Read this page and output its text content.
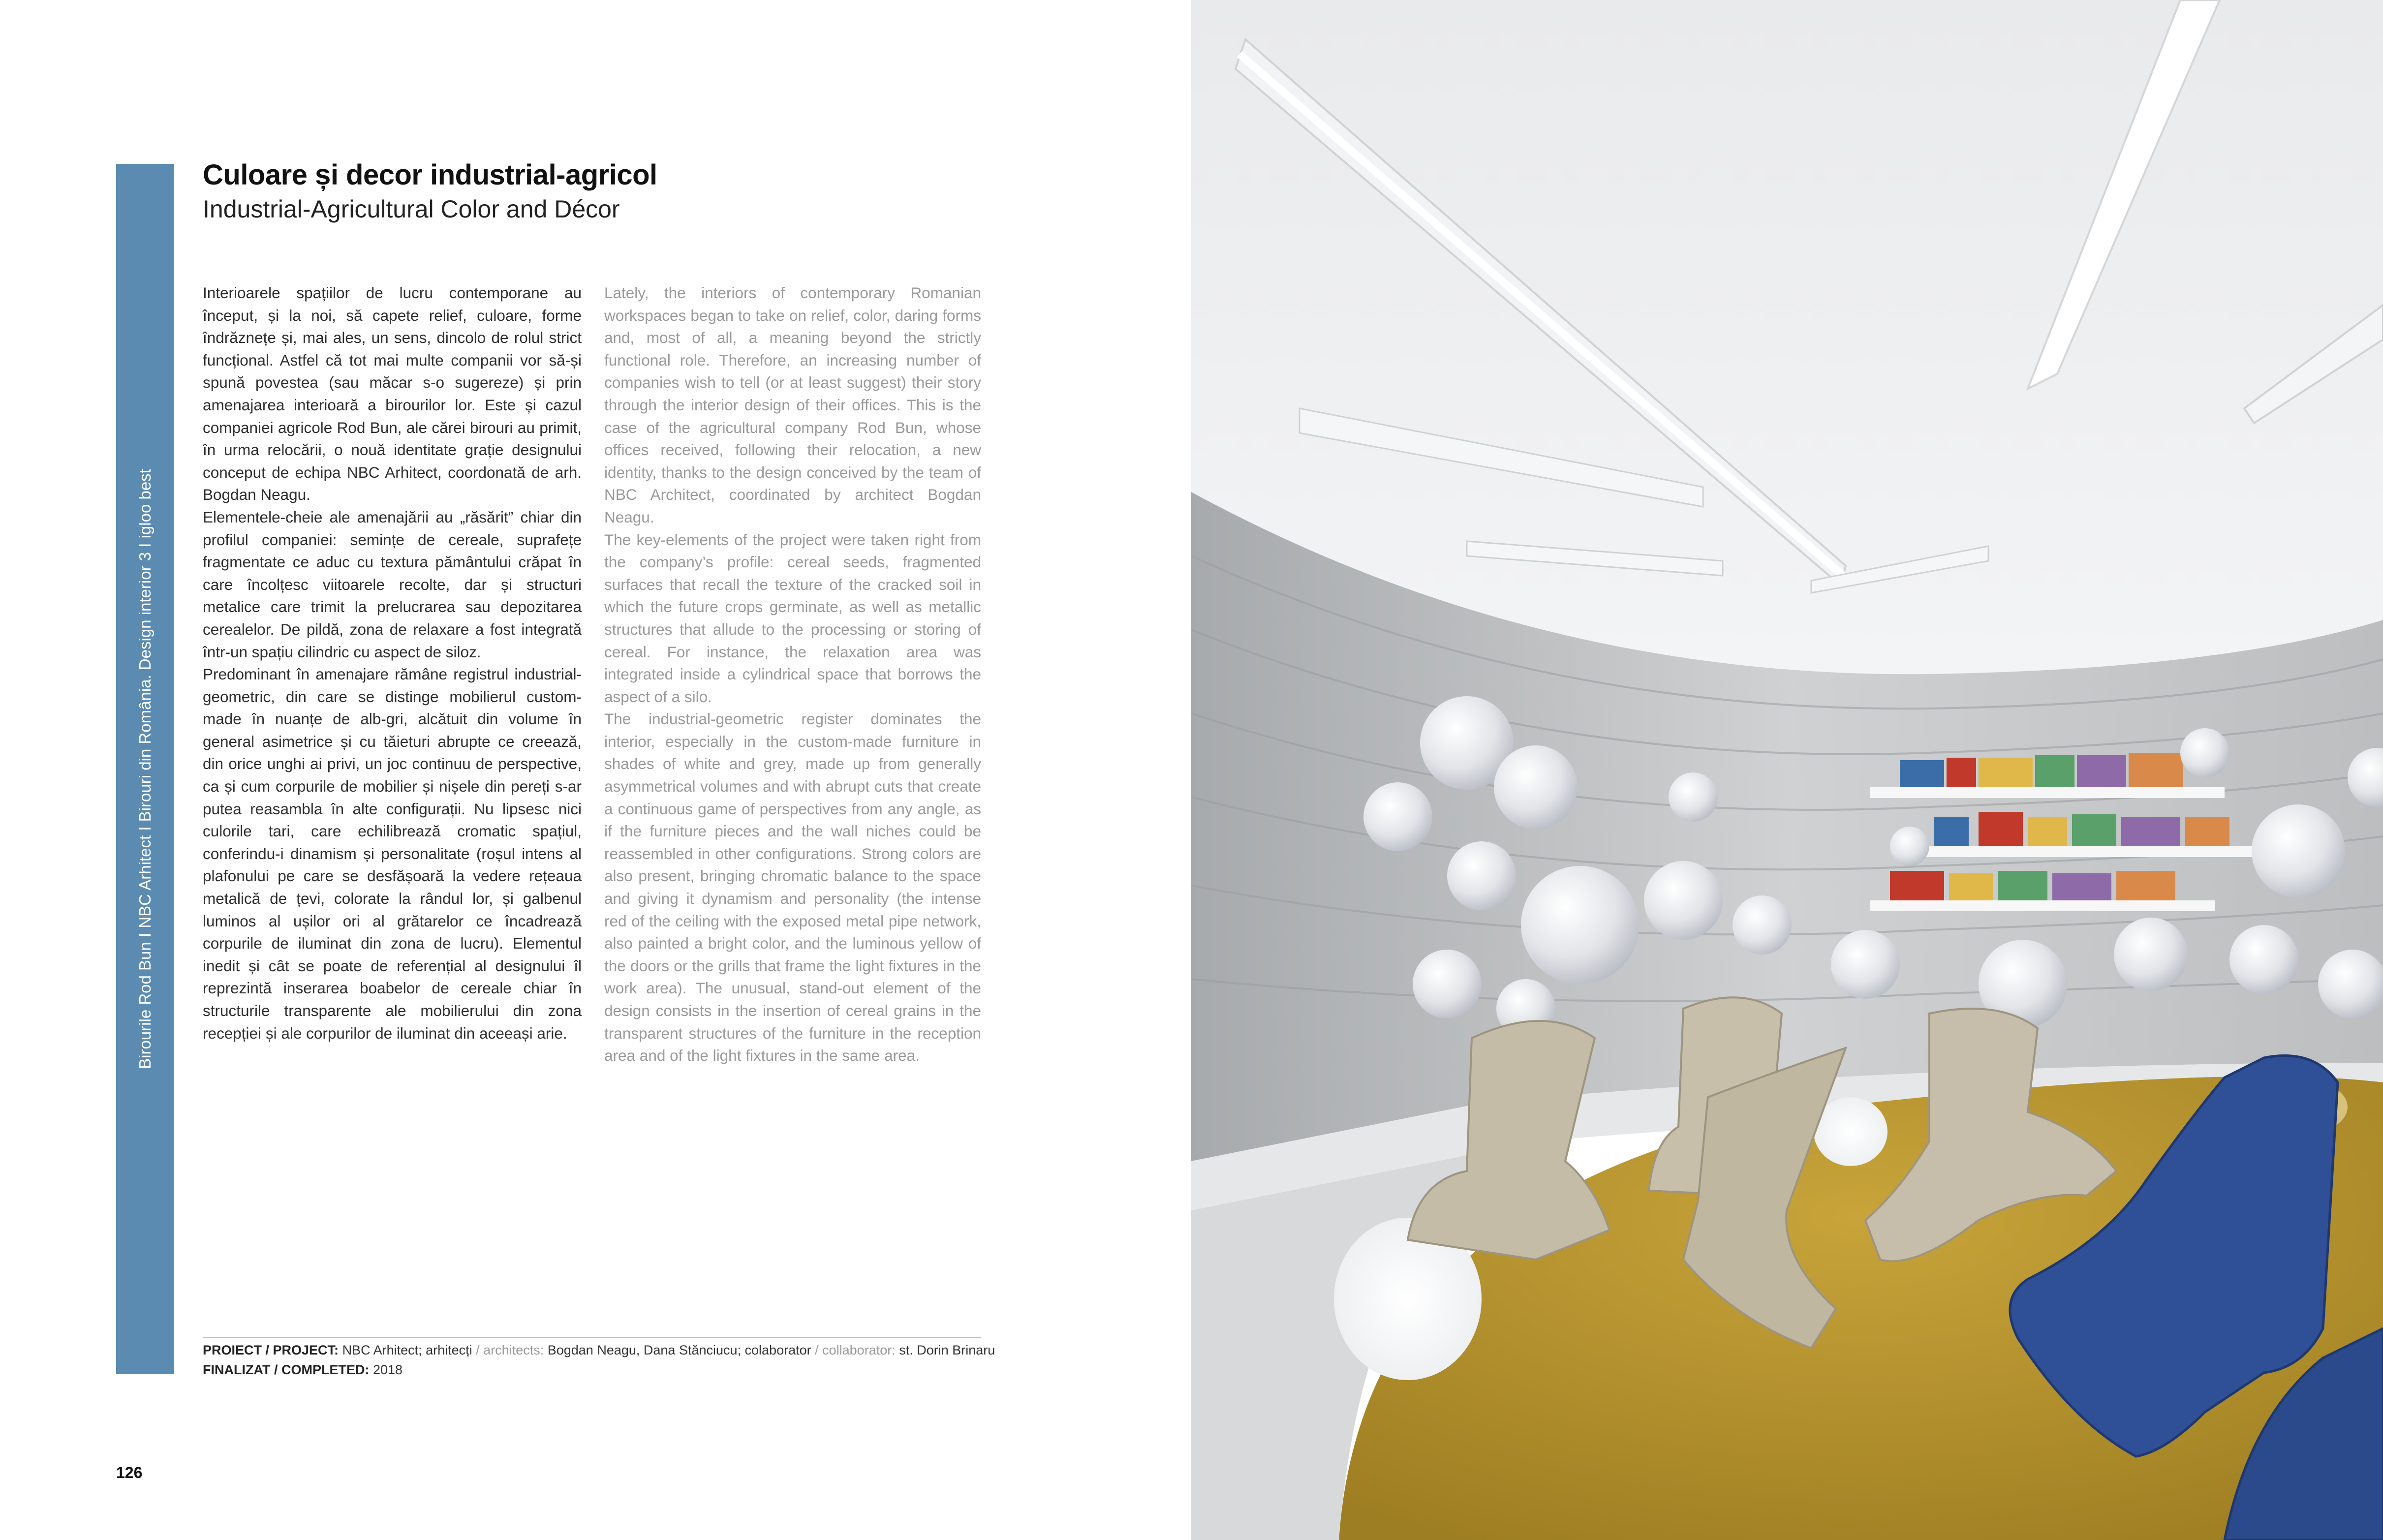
Birourile Rod Bun I NBC Arhitect I Birouri din România. Design interior 3 I igloo best
Culoare și decor industrial-agricol
Industrial-Agricultural Color and Décor

Interioarele spațiilor de lucru contemporane au început, și la noi, să capete relief, culoare, forme îndrăznețe și, mai ales, un sens, dincolo de rolul strict funcțional. Astfel că tot mai multe companii vor să-și spună povestea (sau măcar s-o sugereze) și prin amenajarea interioară a birourilor lor. Este și cazul companiei agricole Rod Bun, ale cărei birouri au primit, în urma relocării, o nouă identitate grație designului conceput de echipa NBC Arhitect, coordonată de arh. Bogdan Neagu.

Elementele-cheie ale amenajării au „răsărit” chiar din profilul companiei: semințe de cereale, suprafețe fragmentate ce aduc cu textura pământului crăpat în care încolțesc viitoarele recolte, dar și structuri metalice care trimit la prelucrarea sau depozitarea cerealelor. De pildă, zona de relaxare a fost integrată într-un spațiu cilindric cu aspect de siloz.

Predominant în amenajare rămâne registrul industrial-geometric, din care se distinge mobilierul custom-made în nuanțe de alb-gri, alcătuit din volume în general asimetrice și cu tăieturi abrupte ce creează, din orice unghi ai privi, un joc continuu de perspective, ca și cum corpurile de mobilier și nișele din pereți s-ar putea reasambla în alte configurații. Nu lipsesc nici culorile tari, care echilibrează cromatic spațiul, conferindu-i dinamism și personalitate (roșul intens al plafonului pe care se desfășoară la vedere rețeaua metalică de țevi, colorate la rândul lor, și galbenul luminos al ușilor ori al grătarelor ce încadrează corpurile de iluminat din zona de lucru). Elementul inedit și cât se poate de referențial al designului îl reprezintă inserarea boabelor de cereale chiar în structurile transparente ale mobilierului din zona recepției și ale corpurilor de iluminat din aceeași arie.

Lately, the interiors of contemporary Romanian workspaces began to take on relief, color, daring forms and, most of all, a meaning beyond the strictly functional role. Therefore, an increasing number of companies wish to tell (or at least suggest) their story through the interior design of their offices. This is the case of the agricultural company Rod Bun, whose offices received, following their relocation, a new identity, thanks to the design conceived by the team of NBC Architect, coordinated by architect Bogdan Neagu.

The key-elements of the project were taken right from the company’s profile: cereal seeds, fragmented surfaces that recall the texture of the cracked soil in which the future crops germinate, as well as metallic structures that allude to the processing or storing of cereal. For instance, the relaxation area was integrated inside a cylindrical space that borrows the aspect of a silo.

The industrial-geometric register dominates the interior, especially in the custom-made furniture in shades of white and grey, made up from generally asymmetrical volumes and with abrupt cuts that create a continuous game of perspectives from any angle, as if the furniture pieces and the wall niches could be reassembled in other configurations. Strong colors are also present, bringing chromatic balance to the space and giving it dynamism and personality (the intense red of the ceiling with the exposed metal pipe network, also painted a bright color, and the luminous yellow of the doors or the grills that frame the light fixtures in the work area). The unusual, stand-out element of the design consists in the insertion of cereal grains in the transparent structures of the furniture in the reception area and of the light fixtures in the same area.

PROIECT / PROJECT: NBC Arhitect; arhitecți / architects: Bogdan Neagu, Dana Stănciucu; colaborator / collaborator: st. Dorin Brinaru
FINALIZAT / COMPLETED: 2018
126
